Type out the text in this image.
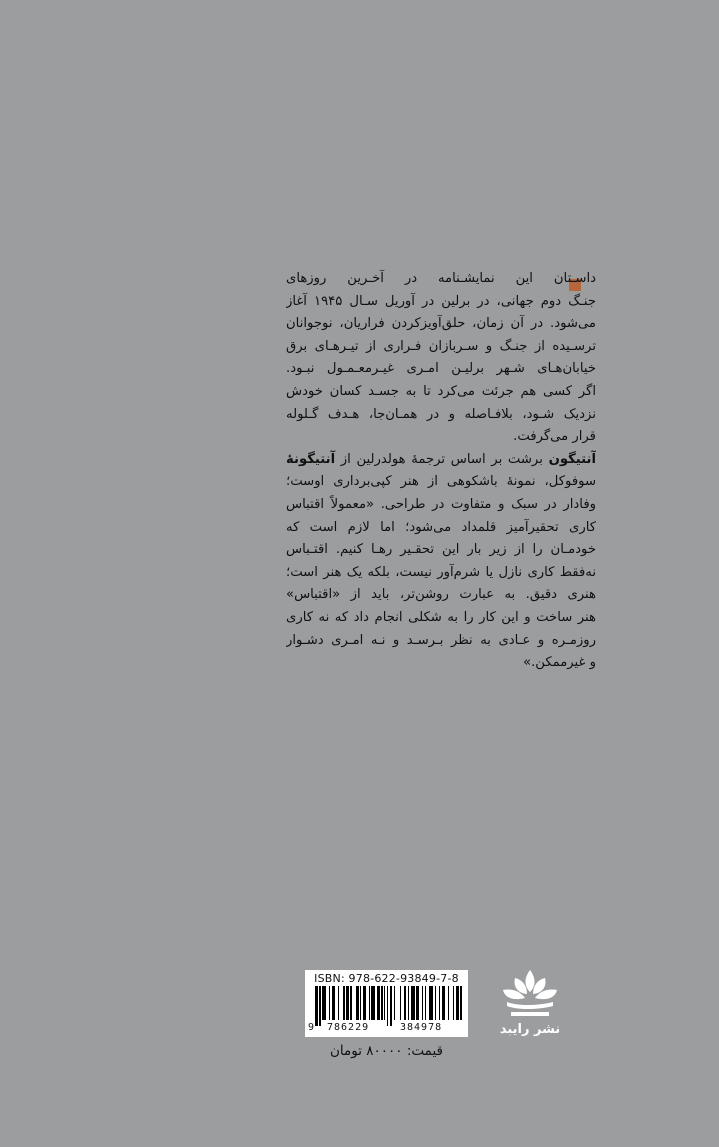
داسـتان این نمایشـنامه در آخـرین روزهای
جنـگ دوم جهانی، در برلین در آوریل سـال ۱۹۴۵ آغاز
می‌شود. در آن زمان، حلق‌آویزکردن فراریان، نوجوانان
ترسـیده از جنـگ و سـربازان فـراری از تیـرهـای برق
خیابان‌هـای شـهر برلیـن امـری غیـرمعـمـول نبـود.
اگر کسی هم جرئت می‌کرد تا به جسـد کسان خودش
نزدیک شـود، بلافـاصله و در همـان‌جا، هـدف گـلوله
قرار می‌گرفت.
آنتیگون برشت بر اساس ترجمهٔ هولدرلین از آنتیگونهٔ
سوفوکل، نمونهٔ باشکوهی از هنر کپی‌برداری اوست؛
وفادار در سبک و متفاوت در طراحی. «معمولاً اقتباس
کاری تحقیرآمیز قلمداد می‌شود؛ اما لازم است که
خودمـان را از زیر بار این تحقـیر رهـا کنیم. اقتـباس
نه‌فقط کاری نازل یا شرم‌آور نیست، بلکه یک هنر است؛
هنری دقیق. به عبارت روشن‌تر، باید از «اقتباس»
هنر ساخت و این کار را به شکلی انجام داد که نه کاری
روزمـره و عـادی به نظر بـرسـد و نـه امـری دشـوار
و غیرممکن.»
ISBN: 978-622-93849-7-8
9 786229	384978
قیمت: ۸۰۰۰۰ تومان
نشر رایبد
